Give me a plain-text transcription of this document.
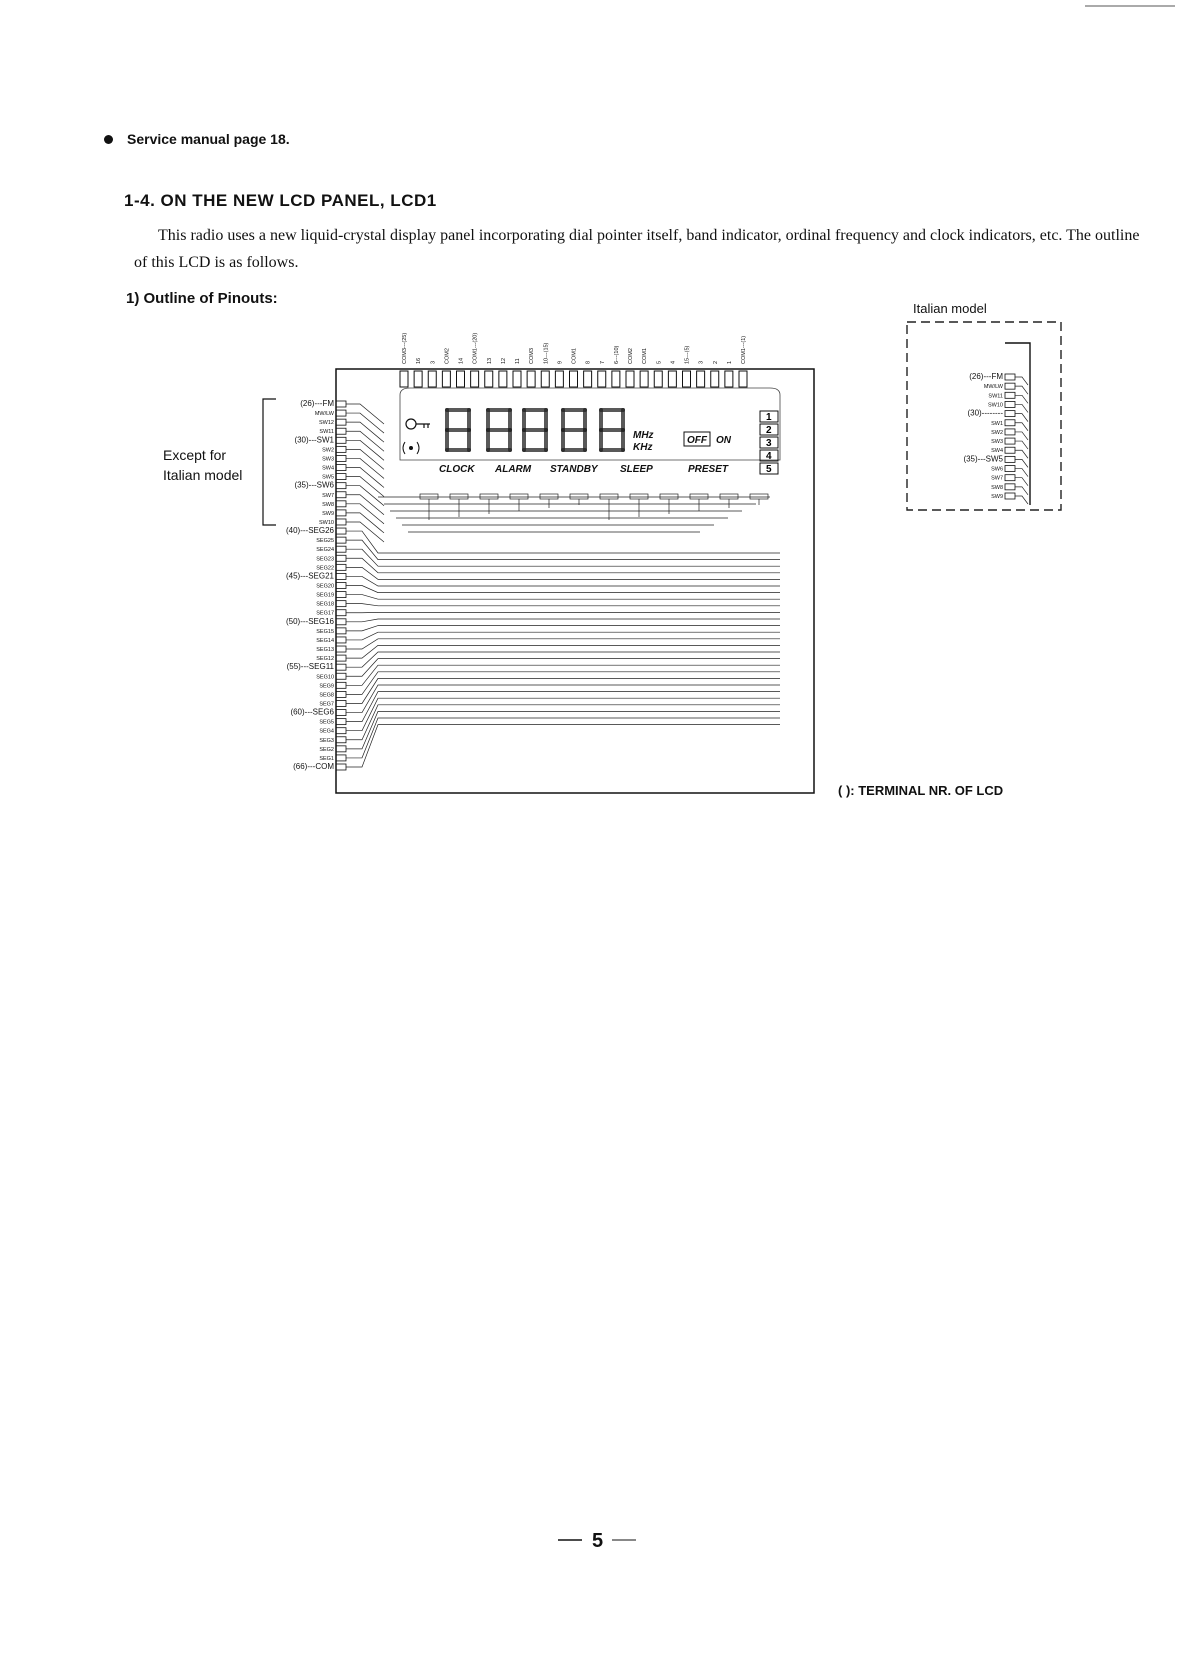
Service manual page 18.
1-4. ON THE NEW LCD PANEL, LCD1
This radio uses a new liquid-crystal display panel incorporating dial pointer itself, band indicator, ordinal frequency and clock indicators, etc. The outline of this LCD is as follows.
1) Outline of Pinouts:
Except for
Italian model
COM3---(25) 16 3 COM2 14 COM1---(20) 13 12 11 COM3 10---(15) 9 COM1 8 7 6---(10) COM2 COM1 5 4 15---(5) 3 2 1 COM1---(1)
(26)---FM
MW/LW
SW12
SW11
(30)---SW1
SW2
SW3
SW4
SW5
(35)---SW6
SW7
SW8
SW9
SW10
(40)---SEG26
SEG25
SEG24
SEG23
SEG22
(45)---SEG21
SEG20
SEG19
SEG18
SEG17
(50)---SEG16
SEG15
SEG14
SEG13
SEG12
(55)---SEG11
SEG10
SEG9
SEG8
SEG7
(60)---SEG6
SEG5
SEG4
SEG3
SEG2
SEG1
(66)---COM
CLOCK ALARM STANDBY SLEEP	PRESET
MHz
KHz
OFF ON
1
2
3
4
5
(26)---FM
MW/LW
SW11
SW10
(30)--------
SW1
SW2
SW3
SW4
(35)---SW5
SW6
SW7
SW8
SW9
Italian model
( ): TERMINAL NR. OF LCD
5
